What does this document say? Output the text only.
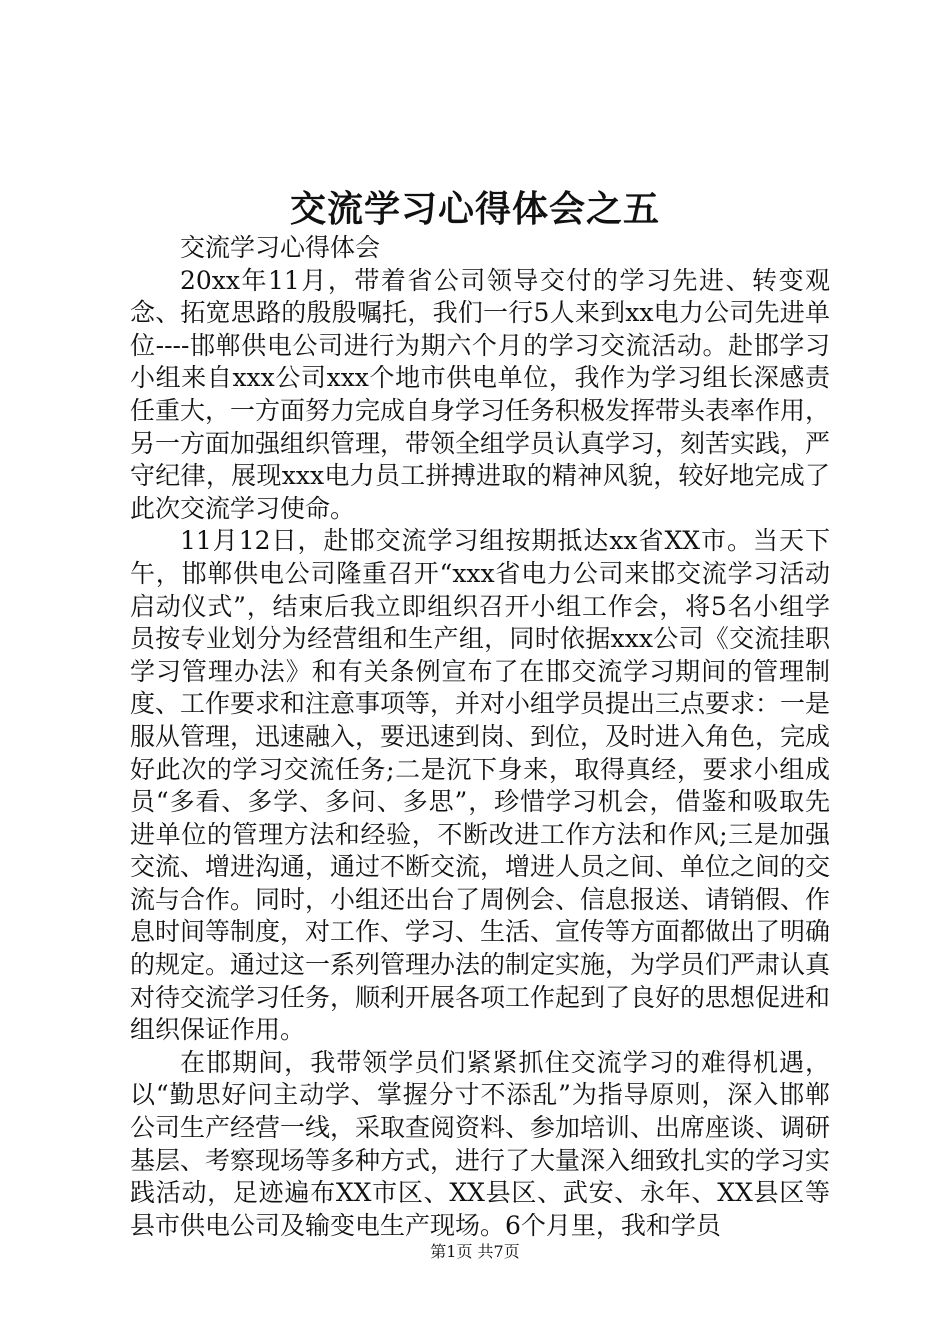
交流学习心得体会之五

交流学习心得体会

20xx年11月，带着省公司领导交付的学习先进、转变观念、拓宽思路的殷殷嘱托，我们一行5人来到xx电力公司先进单位----邯郸供电公司进行为期六个月的学习交流活动。赴邯学习小组来自xxx公司xxx个地市供电单位，我作为学习组长深感责任重大，一方面努力完成自身学习任务积极发挥带头表率作用，另一方面加强组织管理，带领全组学员认真学习，刻苦实践，严守纪律，展现xxx电力员工拼搏进取的精神风貌，较好地完成了此次交流学习使命。

11月12日，赴邯交流学习组按期抵达xx省XX市。当天下午，邯郸供电公司隆重召开“xxx省电力公司来邯交流学习活动启动仪式”，结束后我立即组织召开小组工作会，将5名小组学员按专业划分为经营组和生产组，同时依据xxx公司《交流挂职学习管理办法》和有关条例宣布了在邯交流学习期间的管理制度、工作要求和注意事项等，并对小组学员提出三点要求：一是服从管理，迅速融入，要迅速到岗、到位，及时进入角色，完成好此次的学习交流任务;二是沉下身来，取得真经，要求小组成员“多看、多学、多问、多思”，珍惜学习机会，借鉴和吸取先进单位的管理方法和经验，不断改进工作方法和作风;三是加强交流、增进沟通，通过不断交流，增进人员之间、单位之间的交流与合作。同时，小组还出台了周例会、信息报送、请销假、作息时间等制度，对工作、学习、生活、宣传等方面都做出了明确的规定。通过这一系列管理办法的制定实施，为学员们严肃认真对待交流学习任务，顺利开展各项工作起到了良好的思想促进和组织保证作用。

在邯期间，我带领学员们紧紧抓住交流学习的难得机遇，以“勤思好问主动学、掌握分寸不添乱”为指导原则，深入邯郸公司生产经营一线，采取查阅资料、参加培训、出席座谈、调研基层、考察现场等多种方式，进行了大量深入细致扎实的学习实践活动，足迹遍布XX市区、XX县区、武安、永年、XX县区等县市供电公司及输变电生产现场。6个月里，我和学员

第1页 共7页
